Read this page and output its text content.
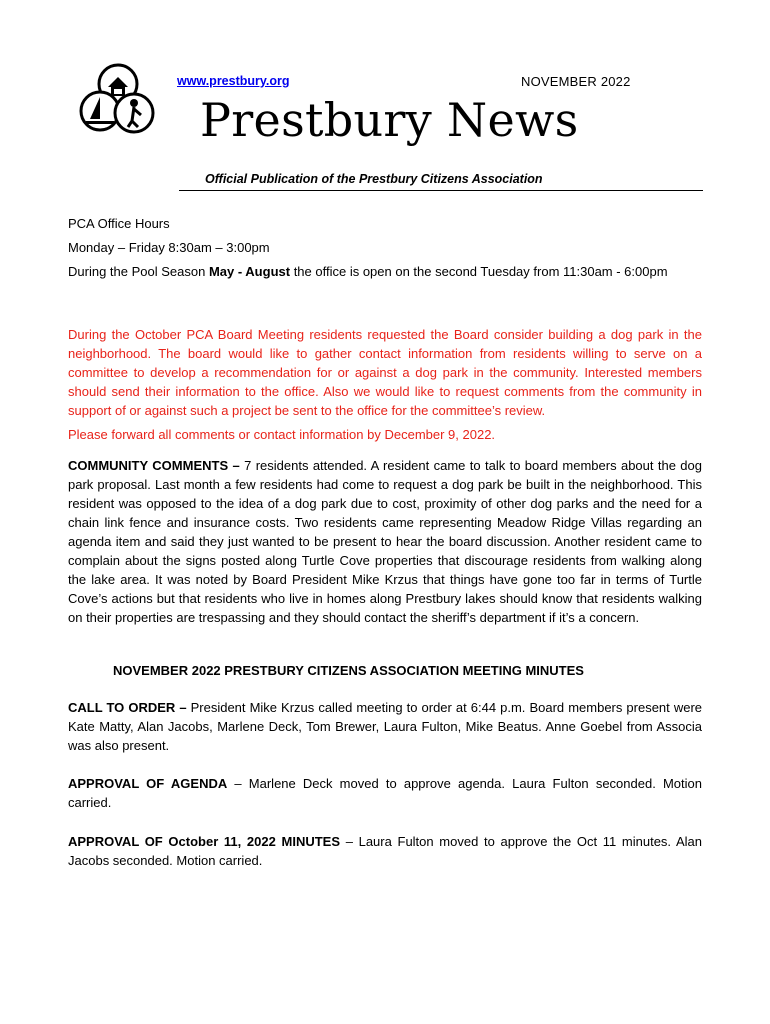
www.prestbury.org	NOVEMBER 2022
Prestbury News
Official Publication of the Prestbury Citizens Association

PCA Office Hours

Monday – Friday 8:30am – 3:00pm

During the Pool Season May - August the office is open on the second Tuesday from 11:30am - 6:00pm

During the October PCA Board Meeting residents requested the Board consider building a dog park in the neighborhood. The board would like to gather contact information from residents willing to serve on a committee to develop a recommendation for or against a dog park in the community. Interested members should send their information to the office. Also we would like to request comments from the community in support of or against such a project be sent to the office for the committee’s review.

Please forward all comments or contact information by December 9, 2022.

COMMUNITY COMMENTS – 7 residents attended. A resident came to talk to board members about the dog park proposal. Last month a few residents had come to request a dog park be built in the neighborhood. This resident was opposed to the idea of a dog park due to cost, proximity of other dog parks and the need for a chain link fence and insurance costs. Two residents came representing Meadow Ridge Villas regarding an agenda item and said they just wanted to be present to hear the board discussion. Another resident came to complain about the signs posted along Turtle Cove properties that discourage residents from walking along the lake area. It was noted by Board President Mike Krzus that things have gone too far in terms of Turtle Cove’s actions but that residents who live in homes along Prestbury lakes should know that residents walking on their properties are trespassing and they should contact the sheriff’s department if it’s a concern.

NOVEMBER 2022 PRESTBURY CITIZENS ASSOCIATION MEETING MINUTES

CALL TO ORDER – President Mike Krzus called meeting to order at 6:44 p.m. Board members present were Kate Matty, Alan Jacobs, Marlene Deck, Tom Brewer, Laura Fulton, Mike Beatus. Anne Goebel from Associa was also present.

APPROVAL OF AGENDA – Marlene Deck moved to approve agenda. Laura Fulton seconded. Motion carried.

APPROVAL OF October 11, 2022 MINUTES – Laura Fulton moved to approve the Oct 11 minutes. Alan Jacobs seconded. Motion carried.
